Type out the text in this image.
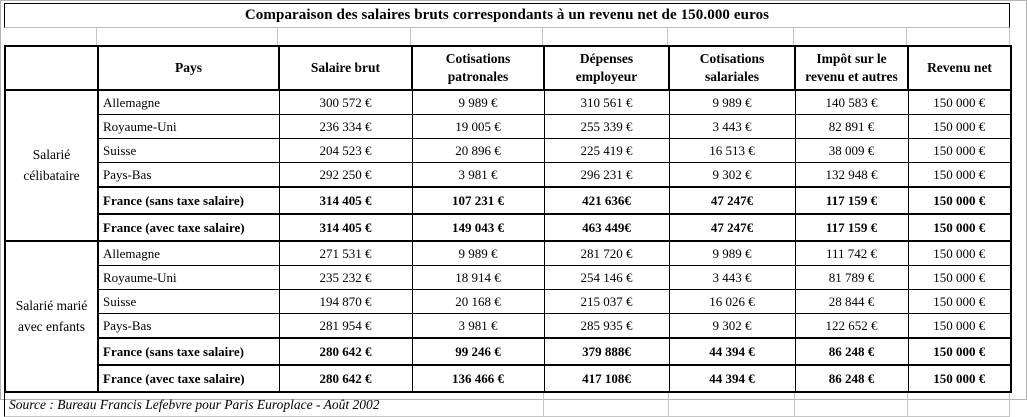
Comparaison des salaires bruts correspondants à un revenu net de 150.000 euros
	Pays	Salaire brut	Cotisations patronales	Dépenses employeur	Cotisations salariales	Impôt sur le revenu et autres	Revenu net
Salarié célibataire	Allemagne	300 572 €	9 989 €	310 561 €	9 989 €	140 583 €	150 000 €
	Royaume-Uni	236 334 €	19 005 €	255 339 €	3 443 €	82 891 €	150 000 €
	Suisse	204 523 €	20 896 €	225 419 €	16 513 €	38 009 €	150 000 €
	Pays-Bas	292 250 €	3 981 €	296 231 €	9 302 €	132 948 €	150 000 €
	France (sans taxe salaire)	314 405 €	107 231 €	421 636€	47 247€	117 159 €	150 000 €
	France (avec taxe salaire)	314 405 €	149 043 €	463 449€	47 247€	117 159 €	150 000 €
Salarié marié avec enfants	Allemagne	271 531 €	9 989 €	281 720 €	9 989 €	111 742 €	150 000 €
	Royaume-Uni	235 232 €	18 914 €	254 146 €	3 443 €	81 789 €	150 000 €
	Suisse	194 870 €	20 168 €	215 037 €	16 026 €	28 844 €	150 000 €
	Pays-Bas	281 954 €	3 981 €	285 935 €	9 302 €	122 652 €	150 000 €
	France (sans taxe salaire)	280 642 €	99 246 €	379 888€	44 394 €	86 248 €	150 000 €
	France (avec taxe salaire)	280 642 €	136 466 €	417 108€	44 394 €	86 248 €	150 000 €
Source : Bureau Francis Lefebvre pour Paris Europlace - Août 2002
